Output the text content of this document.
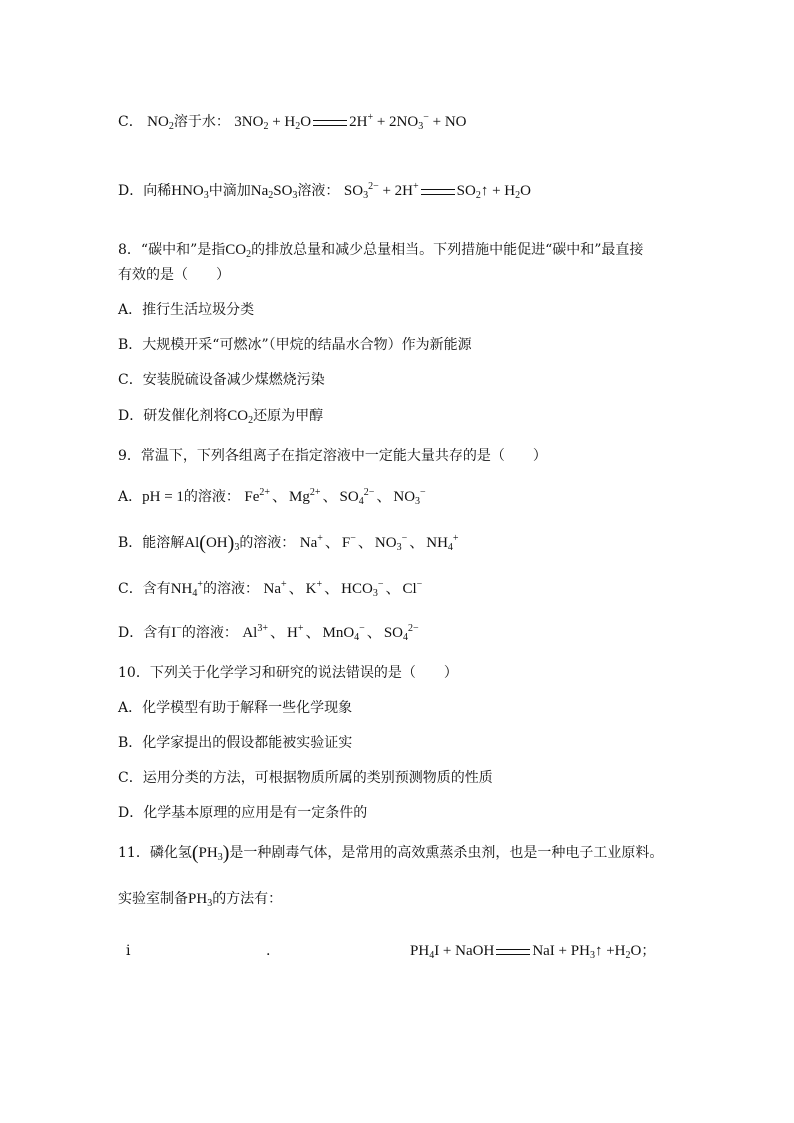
C． $NO_2$溶于水： $3NO_2 + H_2O$	$2H^+ + 2NO_3^-$ + NO
D．向稀$HNO_3$中滴加$Na_2SO_3$溶液： $SO_3^{2-} + 2H^+$	$SO_2↑ + H_2O$
8．“碳中和”是指$CO_2$的排放总量和减少总量相当。下列措施中能促进“碳中和”最直接
有效的是（　　）
A．推行生活垃圾分类
B．大规模开采“可燃冰”（甲烷的结晶水合物）作为新能源
C．安装脱硫设备减少煤燃烧污染
D．研发催化剂将$CO_2$还原为甲醇
9．常温下，下列各组离子在指定溶液中一定能大量共存的是（　　）
A．pH = 1的溶液： $Fe^{2+}$ 、 $Mg^{2+}$ 、 $SO_4^{2-}$ 、 $NO_3^-$
B．能溶解$Al(OH)_3$的溶液： Na+ 、 F− 、 $NO_3^-$ 、 $NH_4^+$
C．含有$NH_4^+$的溶液： Na+ 、 K+ 、 $HCO_3^-$ 、 Cl−
D．含有I−的溶液： $Al^{3+}$ 、 H+ 、 MnO$_4$− 、 $SO_4^{2-}$
10．下列关于化学学习和研究的说法错误的是（　　）
A．化学模型有助于解释一些化学现象
B．化学家提出的假设都能被实验证实
C．运用分类的方法，可根据物质所属的类别预测物质的性质
D．化学基本原理的应用是有一定条件的
11．磷化氢$(PH_3)$是一种剧毒气体，是常用的高效熏蒸杀虫剂，也是一种电子工业原料。
实验室制备$PH_3$的方法有：
i	.	$PH_4I$ + NaOH	NaI + $PH_3↑ +H_2O$；
